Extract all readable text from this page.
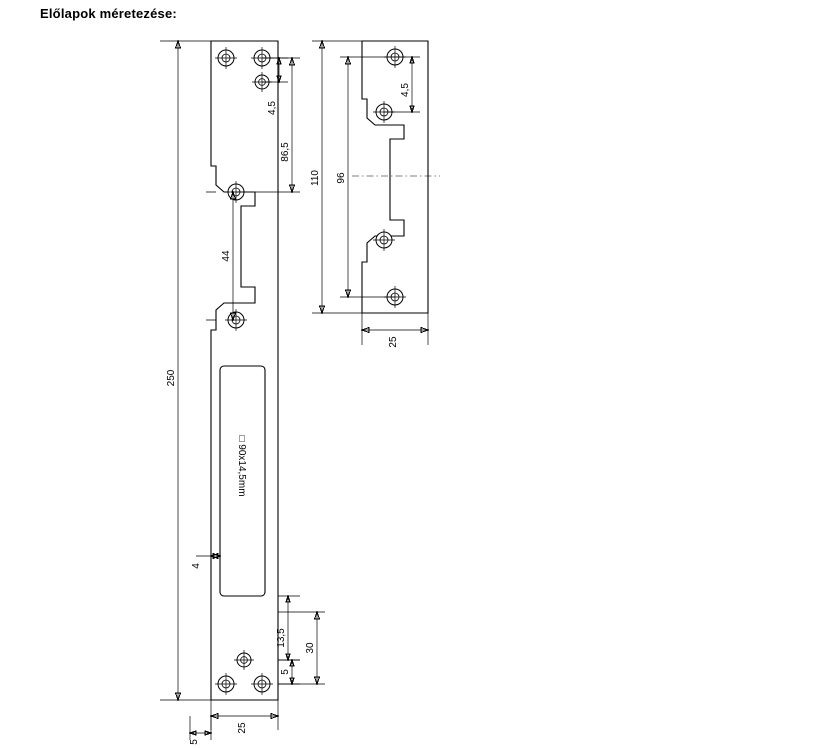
Előlapok méretezése:
□ 90x14,5mm
250
4,5
86,5
44
4
13,5
30
5
25
5
110 96
4,5
25
